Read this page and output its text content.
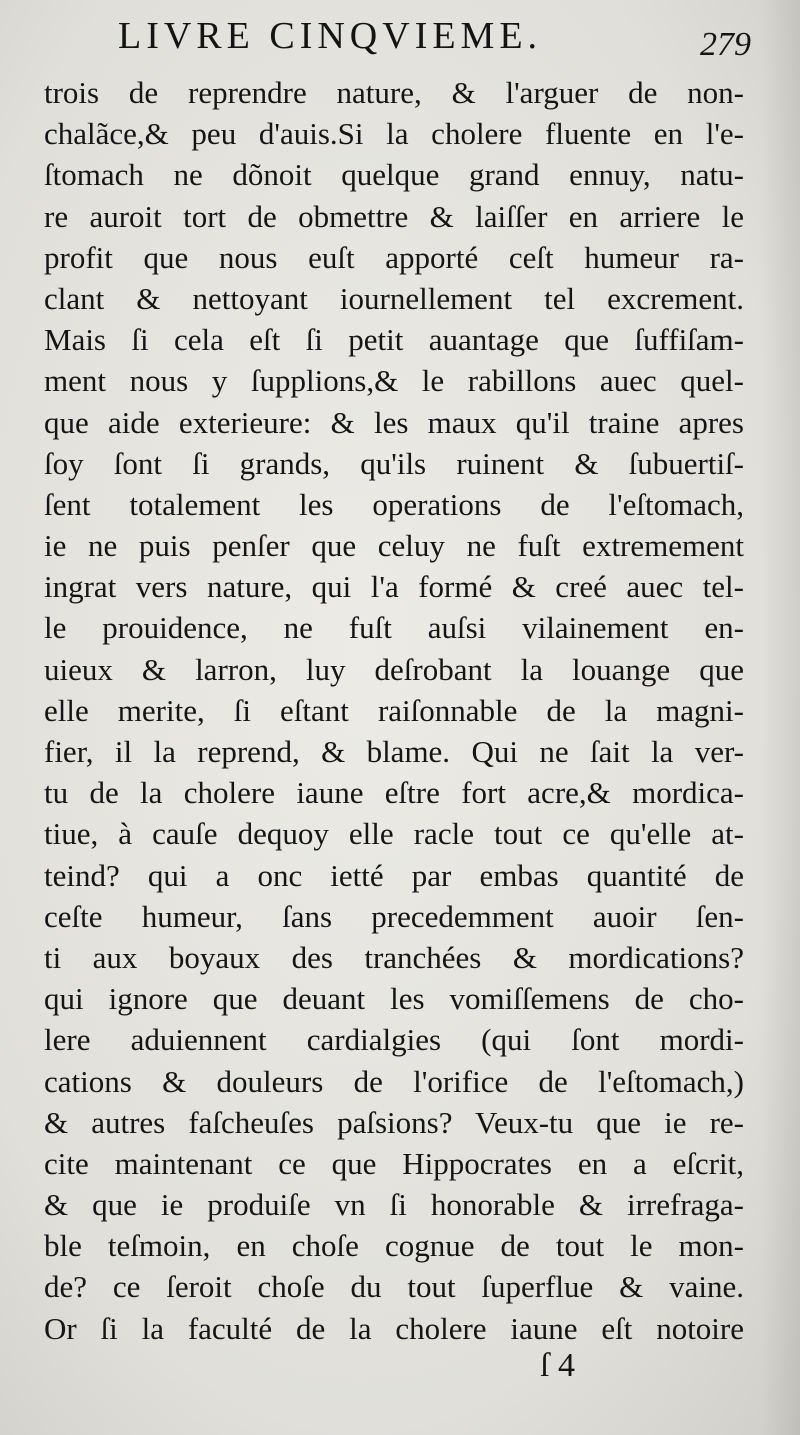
LIVRE CINQVIEME.	279
trois de reprendre nature, & l'arguer de non-
chalãce,& peu d'auis.Si la cholere fluente en l'e-
ſtomach ne dõnoit quelque grand ennuy, natu-
re auroit tort de obmettre & laiſſer en arriere le
profit que nous euſt apporté ceſt humeur ra-
clant & nettoyant iournellement tel excrement.
Mais ſi cela eſt ſi petit auantage que ſuffiſam-
ment nous y ſupplions,& le rabillons auec quel-
que aide exterieure: & les maux qu'il traine apres
ſoy ſont ſi grands, qu'ils ruinent & ſubuertiſ-
ſent totalement les operations de l'eſtomach,
ie ne puis penſer que celuy ne fuſt extremement
ingrat vers nature, qui l'a formé & creé auec tel-
le prouidence, ne fuſt auſsi vilainement en-
uieux & larron, luy deſrobant la louange que
elle merite, ſi eſtant raiſonnable de la magni-
fier, il la reprend, & blame. Qui ne ſait la ver-
tu de la cholere iaune eſtre fort acre,& mordica-
tiue, à cauſe dequoy elle racle tout ce qu'elle at-
teind? qui a onc ietté par embas quantité de
ceſte humeur, ſans precedemment auoir ſen-
ti aux boyaux des tranchées & mordications?
qui ignore que deuant les vomiſſemens de cho-
lere aduiennent cardialgies (qui ſont mordi-
cations & douleurs de l'orifice de l'eſtomach,)
& autres faſcheuſes paſsions? Veux-tu que ie re-
cite maintenant ce que Hippocrates en a eſcrit,
& que ie produiſe vn ſi honorable & irrefraga-
ble teſmoin, en choſe cognue de tout le mon-
de? ce ſeroit choſe du tout ſuperflue & vaine.
Or ſi la faculté de la cholere iaune eſt notoire
ſ 4
